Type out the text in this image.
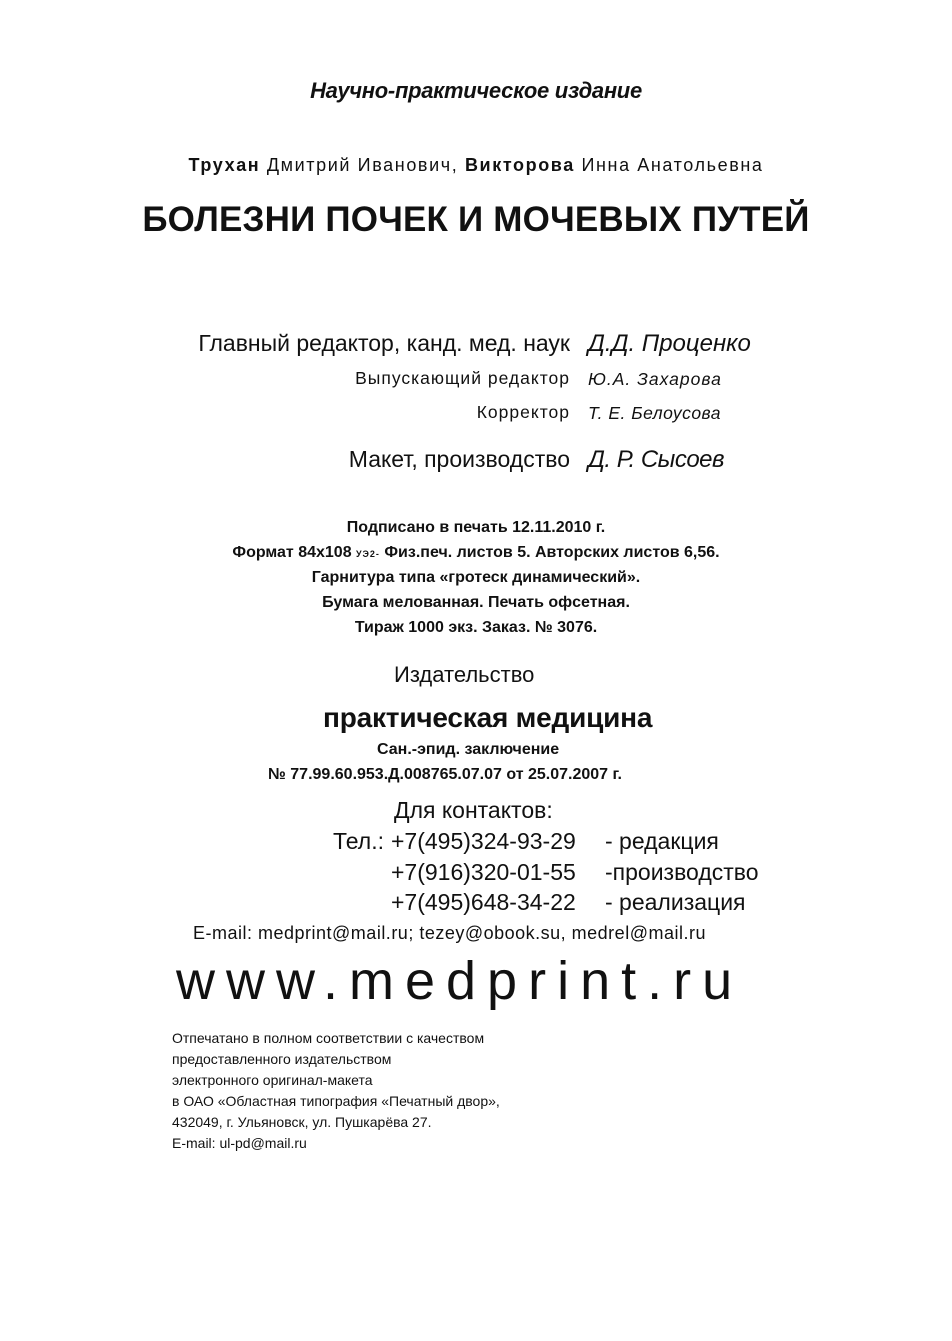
Научно-практическое издание
Трухан Дмитрий Иванович, Викторова Инна Анатольевна
БОЛЕЗНИ ПОЧЕК И МОЧЕВЫХ ПУТЕЙ
Главный редактор, канд. мед. наук Д.Д. Проценко
Выпускающий редактор Ю.А. Захарова
Корректор Т. Е. Белоусова
Макет, производство Д. Р. Сысоев
Подписано в печать 12.11.2010 г.
Формат 84х108 УЭ2- Физ.печ. листов 5. Авторских листов 6,56.
Гарнитура типа «гротеск динамический».
Бумага мелованная. Печать офсетная.
Тираж 1000 экз. Заказ. № 3076.
Издательство
практическая медицина
Сан.-эпид. заключение
№ 77.99.60.953.Д.008765.07.07 от 25.07.2007 г.
Для контактов:
Тел.: +7(495)324-93-29 - редакция
+7(916)320-01-55 -производство
+7(495)648-34-22 - реализация
E-mail: medprint@mail.ru; tezey@obook.su, medrel@mail.ru
www.medprint.ru
Отпечатано в полном соответствии с качеством
предоставленного издательством
электронного оригинал-макета
в ОАО «Областная типография «Печатный двор»,
432049, г. Ульяновск, ул. Пушкарёва 27.
E-mail: ul-pd@mail.ru
